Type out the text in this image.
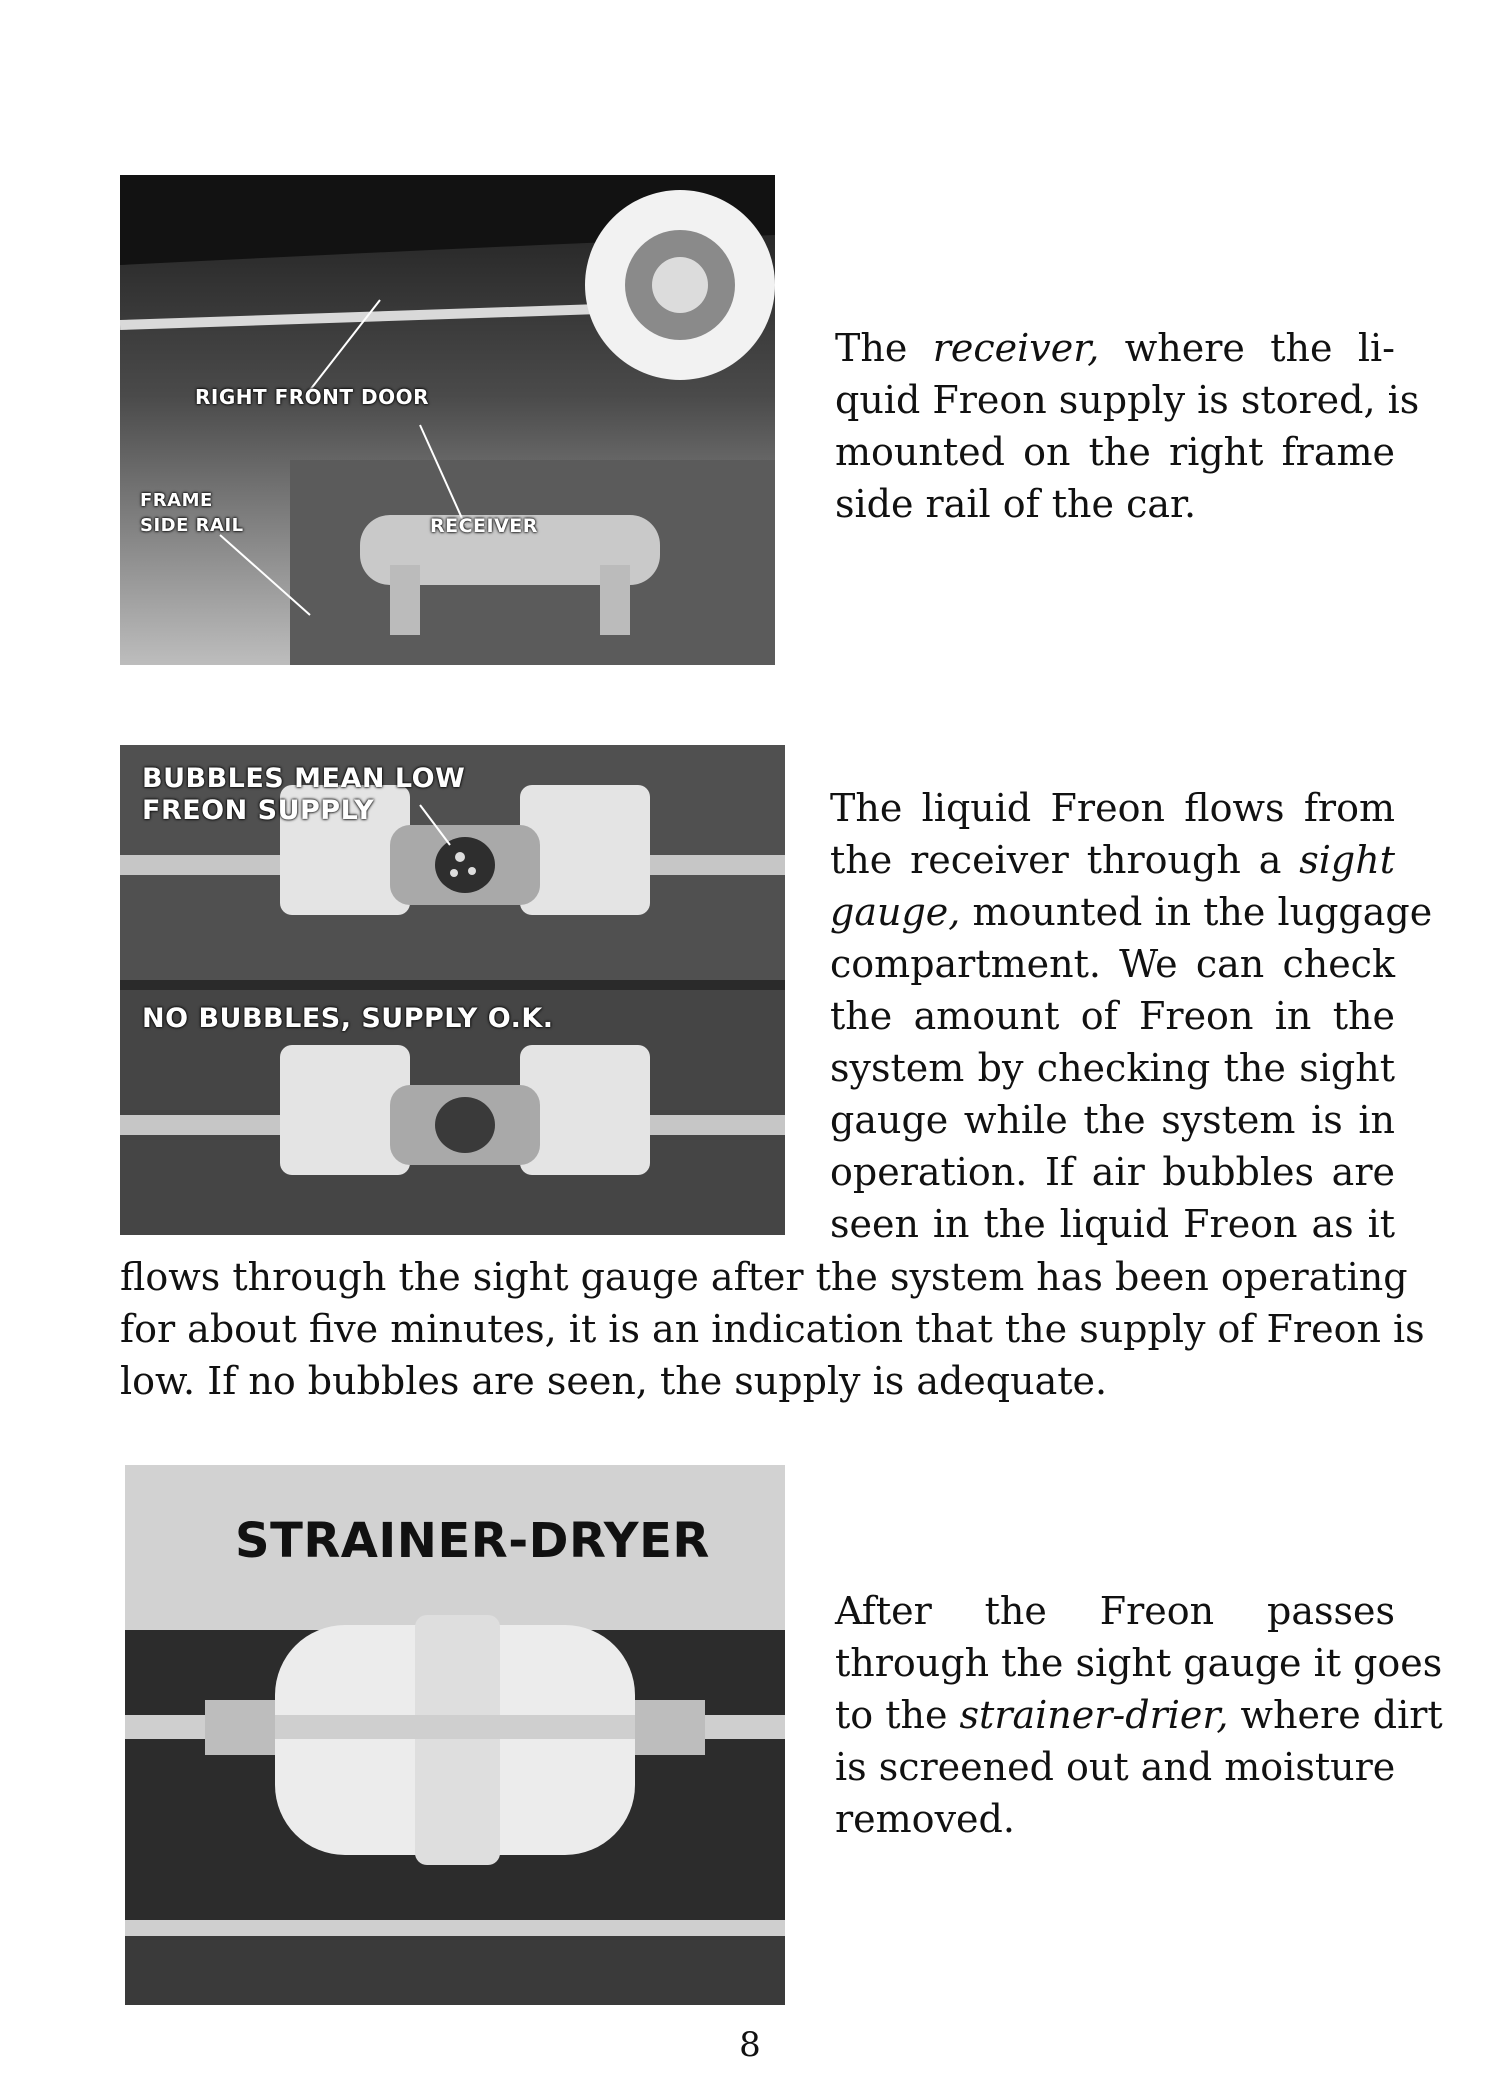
RIGHT FRONT DOOR
FRAME
SIDE RAIL	RECEIVER
The receiver, where the li-
quid Freon supply is stored, is
mounted on the right frame
side rail of the car.
BUBBLES MEAN LOW
FREON SUPPLY
NO BUBBLES, SUPPLY O.K.
The liquid Freon flows from
the receiver through a sight
gauge, mounted in the luggage
compartment. We can check
the amount of Freon in the
system by checking the sight
gauge while the system is in
operation. If air bubbles are
seen in the liquid Freon as it
flows through the sight gauge after the system has been operating
for about five minutes, it is an indication that the supply of Freon is
low. If no bubbles are seen, the supply is adequate.
STRAINER-DRYER
After the Freon passes
through the sight gauge it goes
to the strainer-drier, where dirt
is screened out and moisture
removed.
8
